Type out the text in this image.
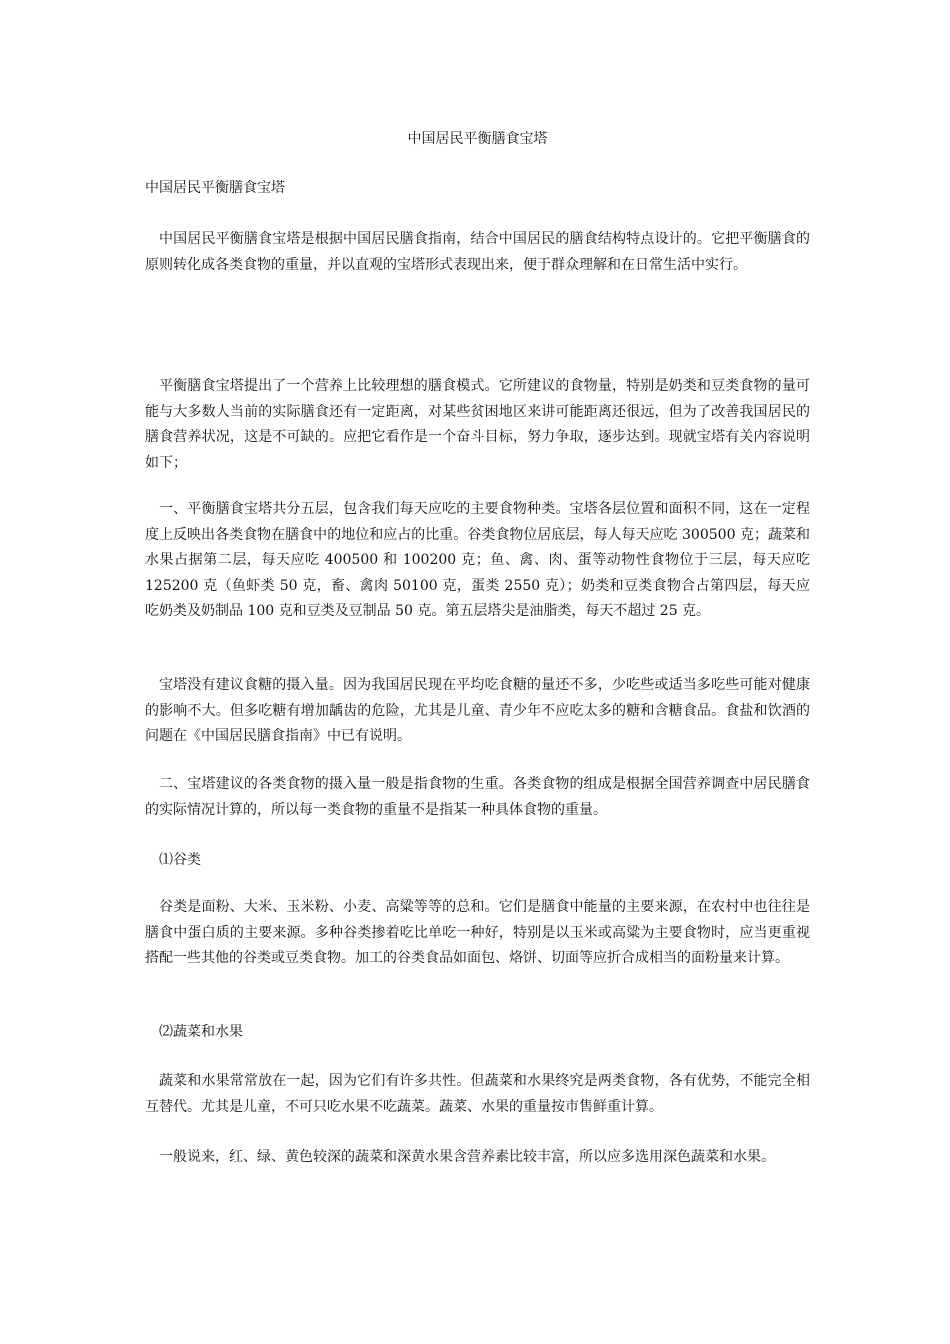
中国居民平衡膳食宝塔

中国居民平衡膳食宝塔

中国居民平衡膳食宝塔是根据中国居民膳食指南，结合中国居民的膳食结构特点设计的。它把平衡膳食的原则转化成各类食物的重量，并以直观的宝塔形式表现出来，便于群众理解和在日常生活中实行。

平衡膳食宝塔提出了一个营养上比较理想的膳食模式。它所建议的食物量，特别是奶类和豆类食物的量可能与大多数人当前的实际膳食还有一定距离，对某些贫困地区来讲可能距离还很远，但为了改善我国居民的膳食营养状况，这是不可缺的。应把它看作是一个奋斗目标，努力争取，逐步达到。现就宝塔有关内容说明如下；

一、平衡膳食宝塔共分五层，包含我们每天应吃的主要食物种类。宝塔各层位置和面积不同，这在一定程度上反映出各类食物在膳食中的地位和应占的比重。谷类食物位居底层，每人每天应吃 300500 克；蔬菜和水果占据第二层，每天应吃 400500 和 100200 克；鱼、禽、肉、蛋等动物性食物位于三层，每天应吃 125200 克（鱼虾类 50 克，畜、禽肉 50100 克，蛋类 2550 克）；奶类和豆类食物合占第四层，每天应吃奶类及奶制品 100 克和豆类及豆制品 50 克。第五层塔尖是油脂类，每天不超过 25 克。

宝塔没有建议食糖的摄入量。因为我国居民现在平均吃食糖的量还不多，少吃些或适当多吃些可能对健康的影响不大。但多吃糖有增加龋齿的危险，尤其是儿童、青少年不应吃太多的糖和含糖食品。食盐和饮酒的问题在《中国居民膳食指南》中已有说明。

二、宝塔建议的各类食物的摄入量一般是指食物的生重。各类食物的组成是根据全国营养调查中居民膳食的实际情况计算的，所以每一类食物的重量不是指某一种具体食物的重量。

⑴谷类

谷类是面粉、大米、玉米粉、小麦、高粱等等的总和。它们是膳食中能量的主要来源，在农村中也往往是膳食中蛋白质的主要来源。多种谷类掺着吃比单吃一种好，特别是以玉米或高粱为主要食物时，应当更重视搭配一些其他的谷类或豆类食物。加工的谷类食品如面包、烙饼、切面等应折合成相当的面粉量来计算。

⑵蔬菜和水果

蔬菜和水果常常放在一起，因为它们有许多共性。但蔬菜和水果终究是两类食物，各有优势，不能完全相互替代。尤其是儿童，不可只吃水果不吃蔬菜。蔬菜、水果的重量按市售鲜重计算。

一般说来，红、绿、黄色较深的蔬菜和深黄水果含营养素比较丰富，所以应多选用深色蔬菜和水果。
